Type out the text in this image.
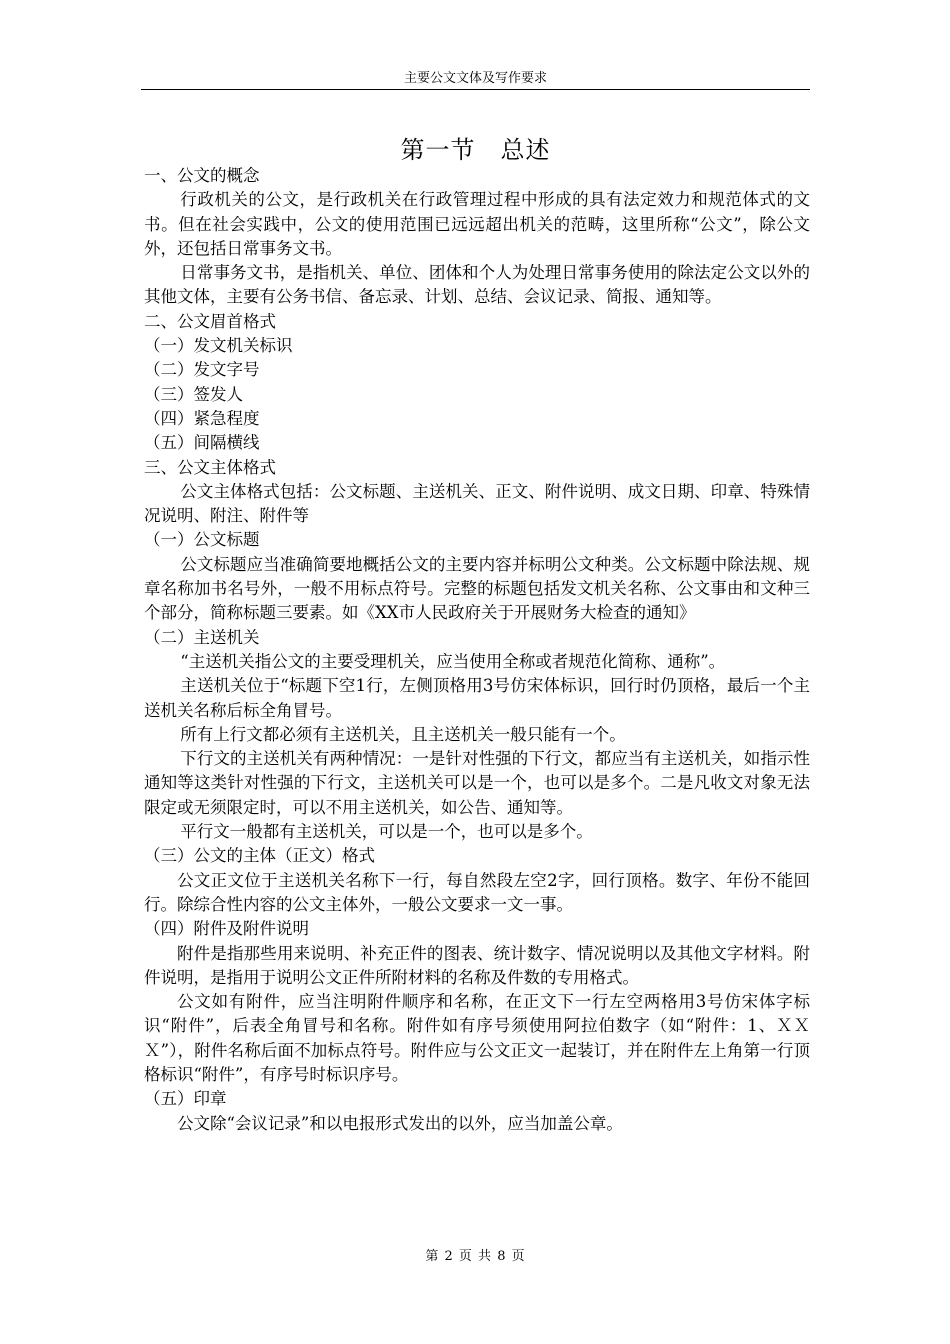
主要公文文体及写作要求
第一节　总述

一、公文的概念

行政机关的公文，是行政机关在行政管理过程中形成的具有法定效力和规范体式的文书。但在社会实践中，公文的使用范围已远远超出机关的范畴，这里所称“公文”，除公文外，还包括日常事务文书。

日常事务文书，是指机关、单位、团体和个人为处理日常事务使用的除法定公文以外的其他文体，主要有公务书信、备忘录、计划、总结、会议记录、简报、通知等。

二、公文眉首格式

（一）发文机关标识

（二）发文字号

（三）签发人

（四）紧急程度

（五）间隔横线

三、公文主体格式

公文主体格式包括：公文标题、主送机关、正文、附件说明、成文日期、印章、特殊情况说明、附注、附件等

（一）公文标题

公文标题应当准确简要地概括公文的主要内容并标明公文种类。公文标题中除法规、规章名称加书名号外，一般不用标点符号。完整的标题包括发文机关名称、公文事由和文种三个部分，简称标题三要素。如《XX市人民政府关于开展财务大检查的通知》

（二）主送机关

“主送机关指公文的主要受理机关，应当使用全称或者规范化简称、通称”。

主送机关位于“标题下空1行，左侧顶格用3号仿宋体标识，回行时仍顶格，最后一个主送机关名称后标全角冒号。

所有上行文都必须有主送机关，且主送机关一般只能有一个。

下行文的主送机关有两种情况：一是针对性强的下行文，都应当有主送机关，如指示性通知等这类针对性强的下行文，主送机关可以是一个，也可以是多个。二是凡收文对象无法限定或无须限定时，可以不用主送机关，如公告、通知等。

平行文一般都有主送机关，可以是一个，也可以是多个。

（三）公文的主体（正文）格式

公文正文位于主送机关名称下一行，每自然段左空2字，回行顶格。数字、年份不能回行。除综合性内容的公文主体外，一般公文要求一文一事。

（四）附件及附件说明

附件是指那些用来说明、补充正件的图表、统计数字、情况说明以及其他文字材料。附件说明，是指用于说明公文正件所附材料的名称及件数的专用格式。

公文如有附件，应当注明附件顺序和名称，在正文下一行左空两格用3号仿宋体字标识“附件”，后表全角冒号和名称。附件如有序号须使用阿拉伯数字（如“附件：1、ＸＸＸ”），附件名称后面不加标点符号。附件应与公文正文一起装订，并在附件左上角第一行顶格标识“附件”，有序号时标识序号。

（五）印章

公文除“会议记录”和以电报形式发出的以外，应当加盖公章。

第 2 页 共 8 页
